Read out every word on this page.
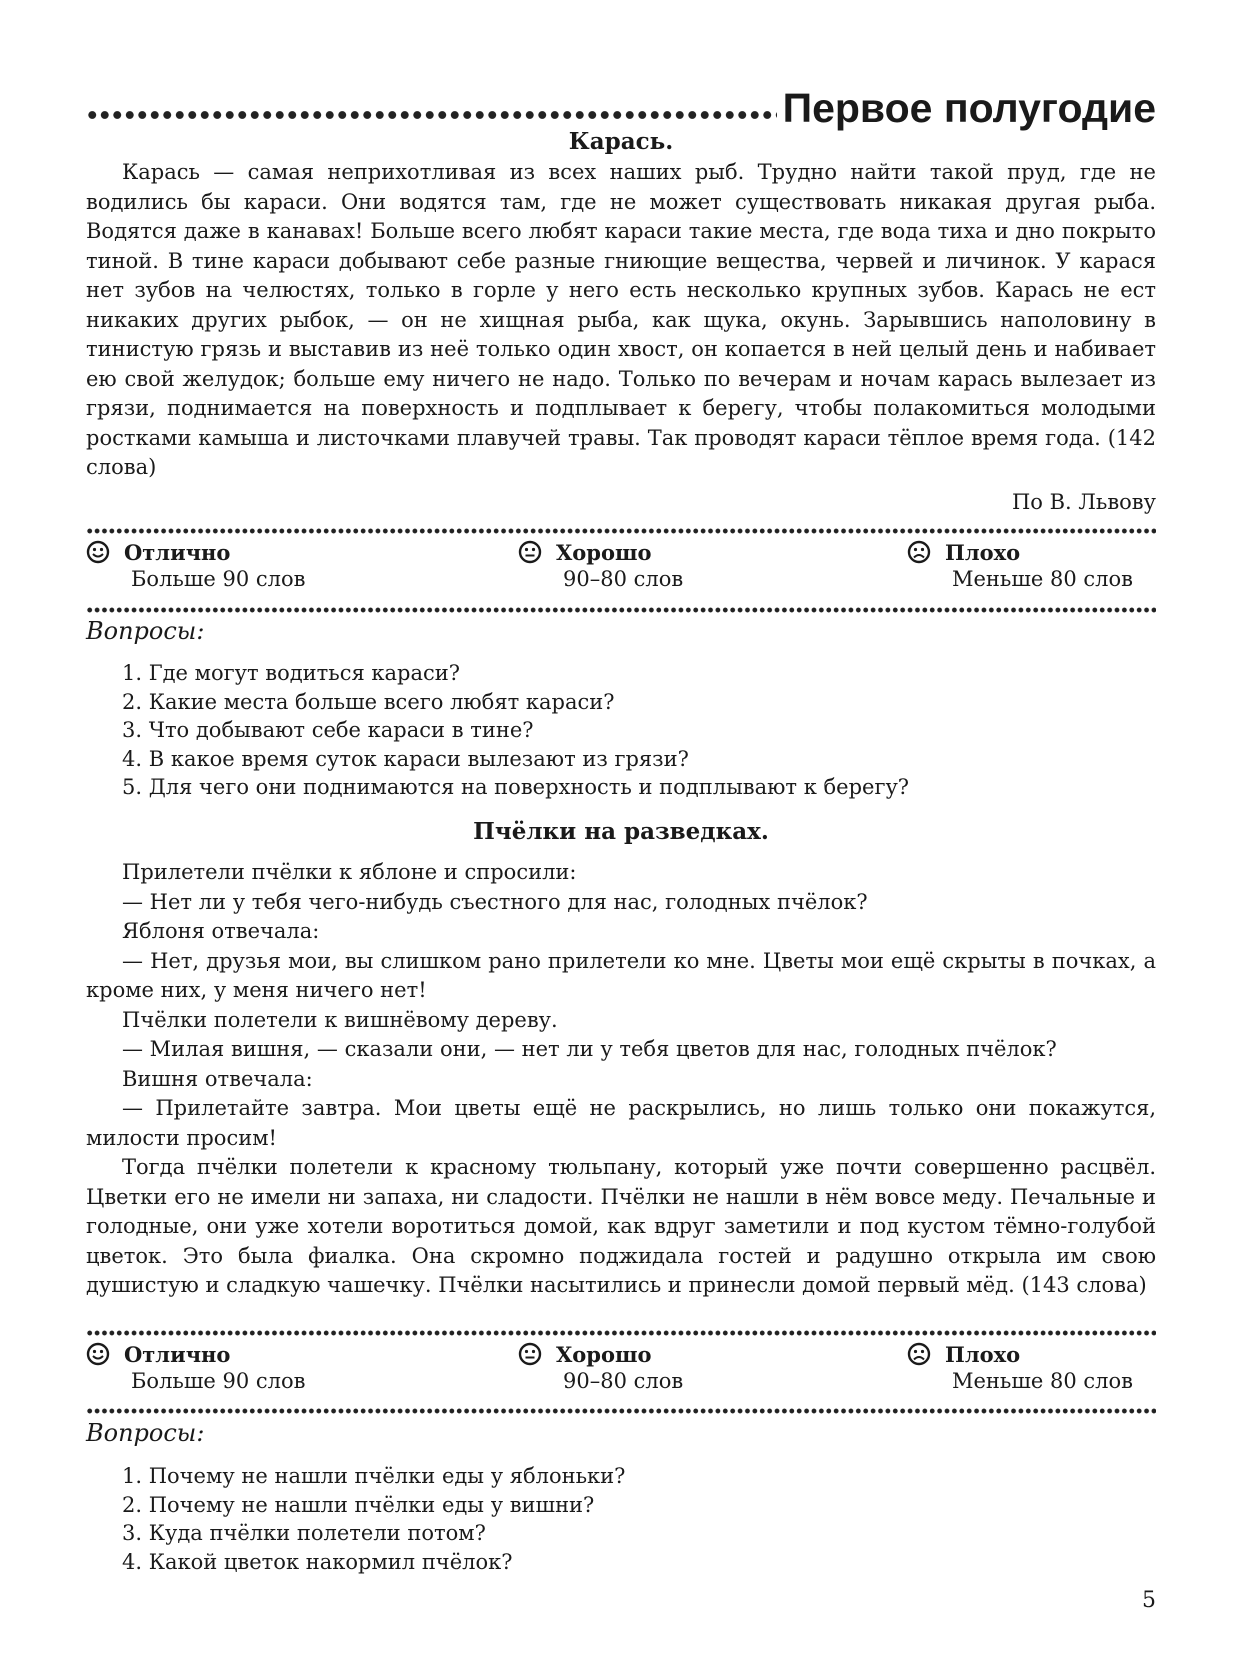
Первое полугодие
Карась.

Карась — самая неприхотливая из всех наших рыб. Трудно найти такой пруд, где не водились бы караси. Они водятся там, где не может существовать никакая другая рыба. Водятся даже в канавах! Больше всего любят караси такие места, где вода тиха и дно покрыто тиной. В тине караси добывают себе разные гниющие вещества, червей и личинок. У карася нет зубов на челюстях, только в горле у него есть несколько крупных зубов. Карась не ест никаких других рыбок, — он не хищная рыба, как щука, окунь. Зарывшись наполовину в тинистую грязь и выставив из неё только один хвост, он копается в ней целый день и набивает ею свой желудок; больше ему ничего не надо. Только по вечерам и ночам карась вылезает из грязи, поднимается на поверхность и подплывает к берегу, чтобы полакомиться молодыми ростками камыша и листочками плавучей травы. Так проводят караси тёплое время года. (142 слова)

По В. Львову
Отлично
Больше 90 слов
Хорошо
90–80 слов
Плохо
Меньше 80 слов
Вопросы:
1. Где могут водиться караси?
2. Какие места больше всего любят караси?
3. Что добывают себе караси в тине?
4. В какое время суток караси вылезают из грязи?
5. Для чего они поднимаются на поверхность и подплывают к берегу?
Пчёлки на разведках.

Прилетели пчёлки к яблоне и спросили:

— Нет ли у тебя чего-нибудь съестного для нас, голодных пчёлок?

Яблоня отвечала:

— Нет, друзья мои, вы слишком рано прилетели ко мне. Цветы мои ещё скрыты в почках, а кроме них, у меня ничего нет!

Пчёлки полетели к вишнёвому дереву.

— Милая вишня, — сказали они, — нет ли у тебя цветов для нас, голодных пчёлок?

Вишня отвечала:

— Прилетайте завтра. Мои цветы ещё не раскрылись, но лишь только они покажутся, милости просим!

Тогда пчёлки полетели к красному тюльпану, который уже почти совершенно расцвёл. Цветки его не имели ни запаха, ни сладости. Пчёлки не нашли в нём вовсе меду. Печальные и голодные, они уже хотели воротиться домой, как вдруг заметили и под кустом тёмно-голубой цветок. Это была фиалка. Она скромно поджидала гостей и радушно открыла им свою душистую и сладкую чашечку. Пчёлки насытились и принесли домой первый мёд. (143 слова)

Отлично
Больше 90 слов
Хорошо
90–80 слов
Плохо
Меньше 80 слов
Вопросы:
1. Почему не нашли пчёлки еды у яблоньки?
2. Почему не нашли пчёлки еды у вишни?
3. Куда пчёлки полетели потом?
4. Какой цветок накормил пчёлок?
5
